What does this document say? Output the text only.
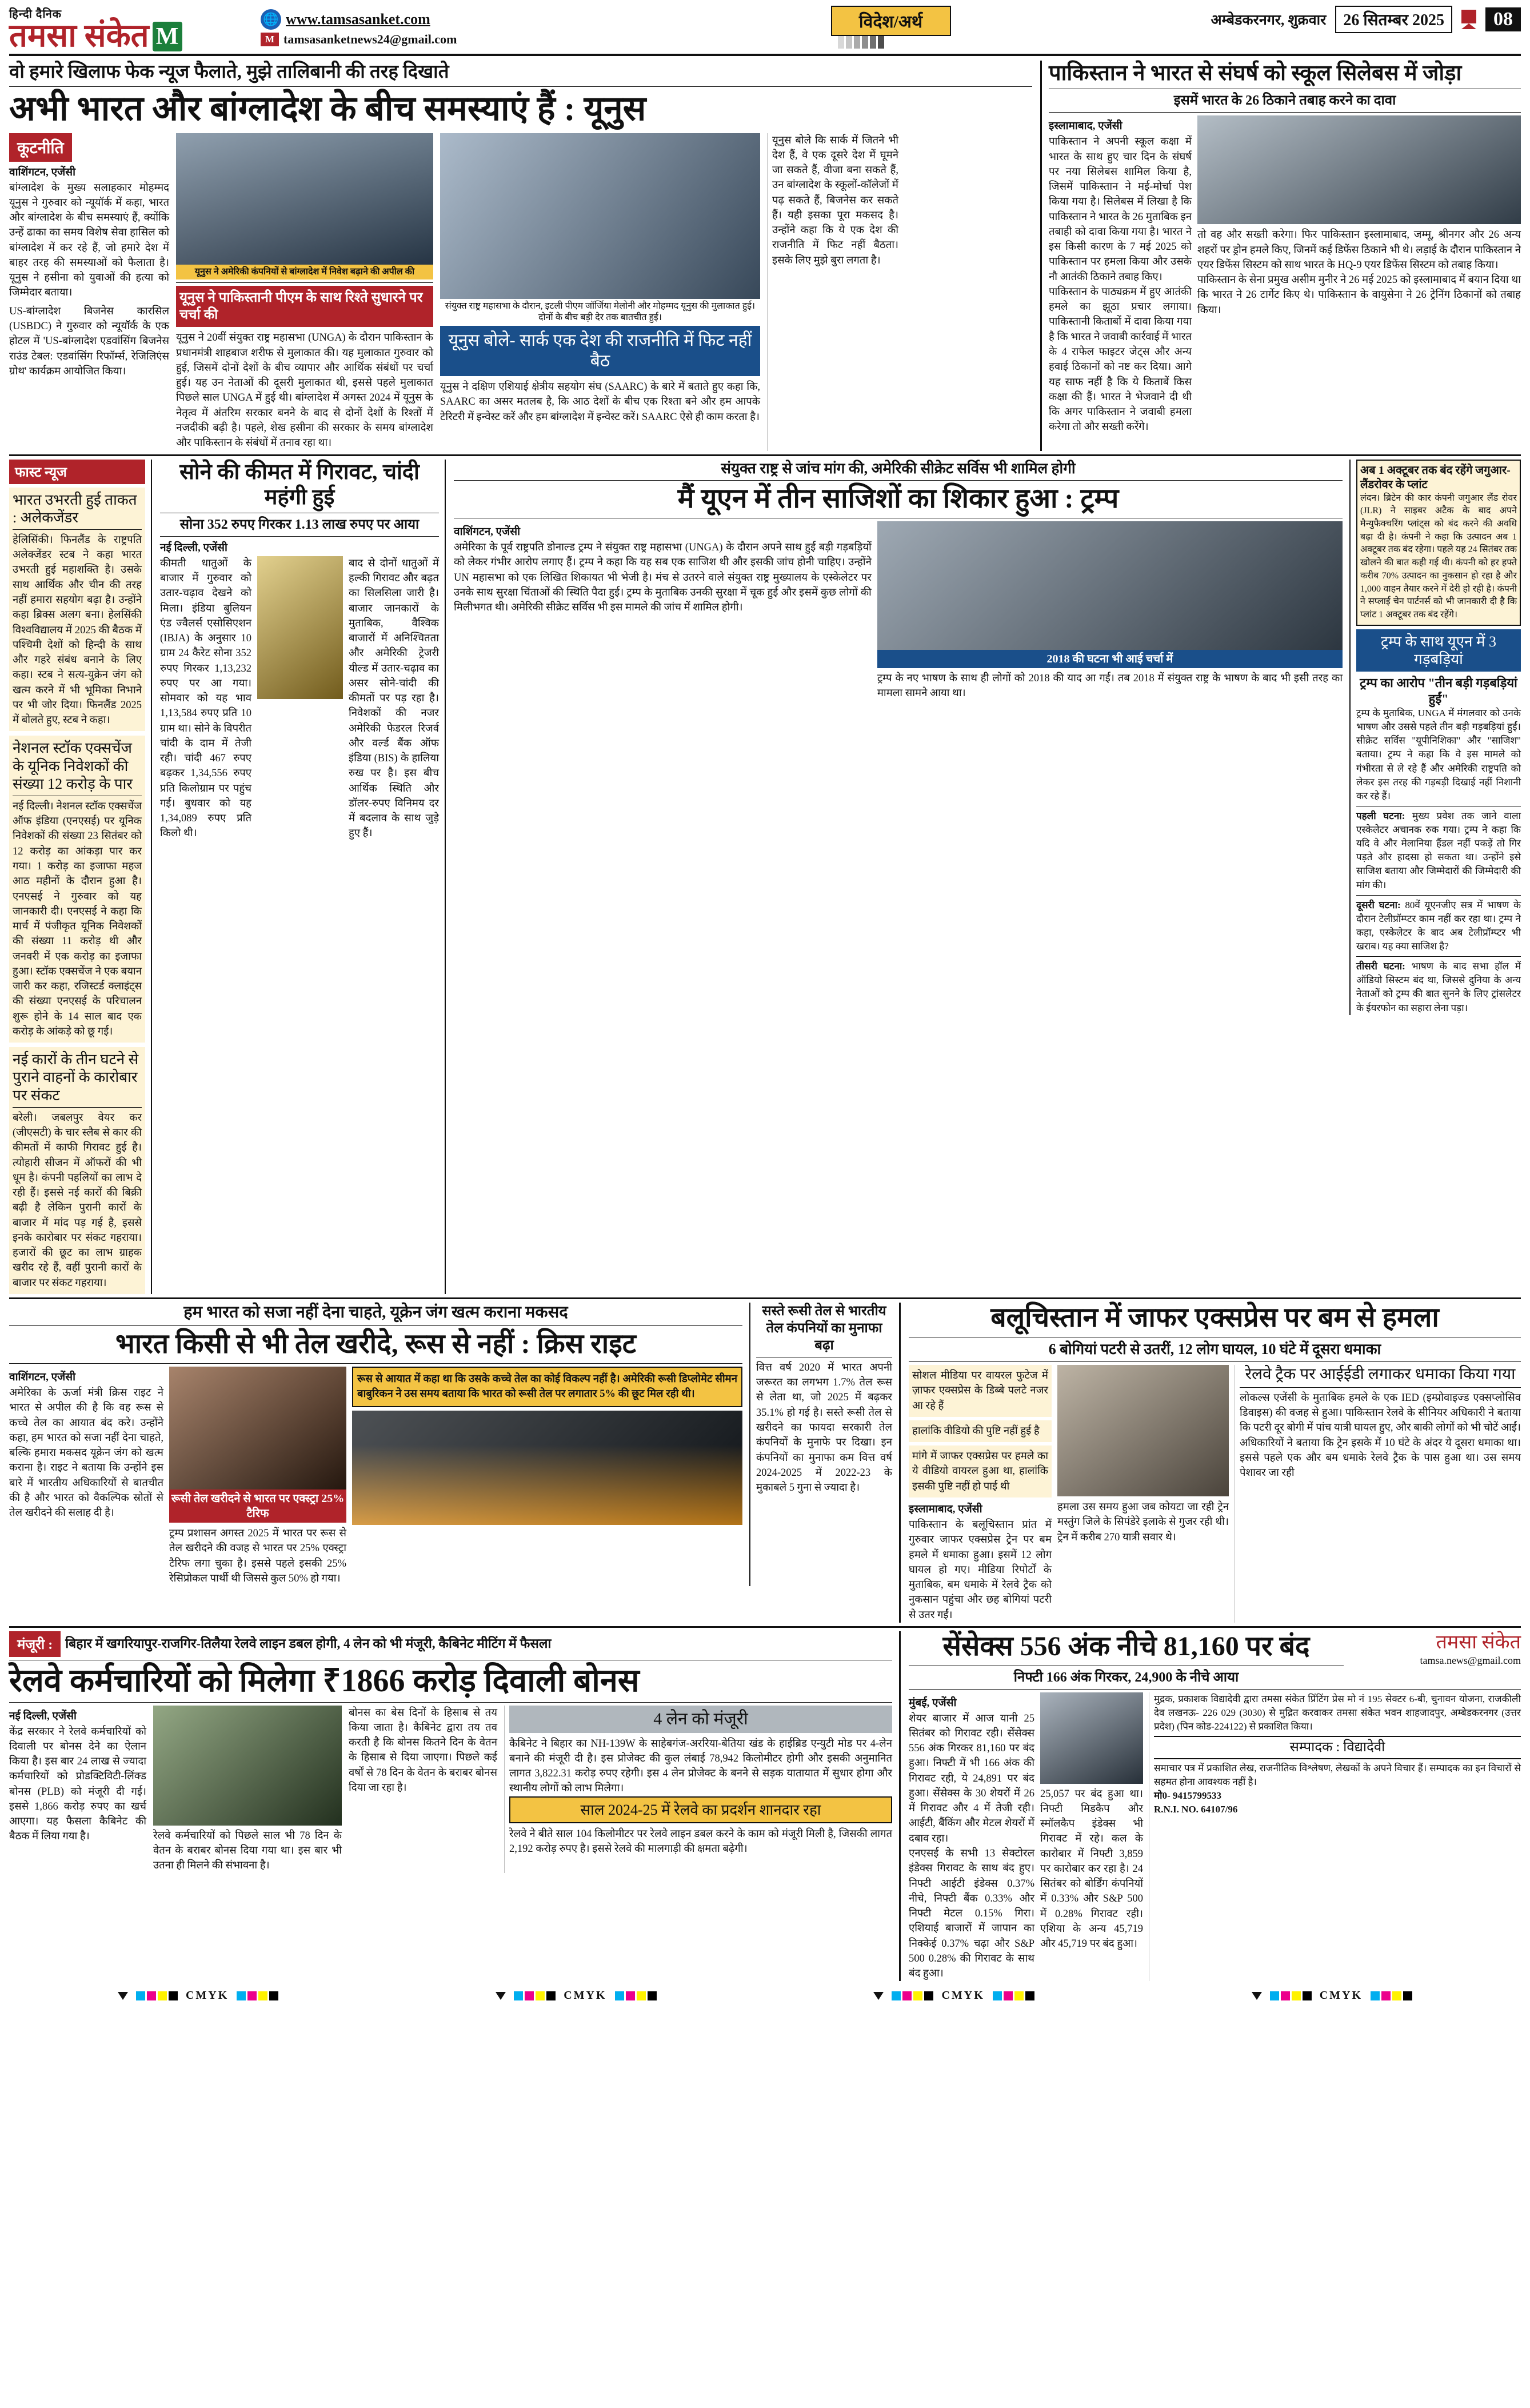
हिन्दी दैनिक
तमसा संकेत M
🌐 www.tamsasanket.com
M tamsasanketnews24@gmail.com
विदेश/अर्थ	अम्बेडकरनगर, शुक्रवार	26 सितम्बर 2025	08
वो हमारे खिलाफ फेक न्यूज फैलाते, मुझे तालिबानी की तरह दिखाते
अभी भारत और बांग्लादेश के बीच समस्याएं हैं : यूनुस
कूटनीति
वाशिंगटन, एजेंसी
बांग्लादेश के मुख्य सलाहकार मोहम्मद यूनुस ने गुरुवार को न्यूयॉर्क में कहा, भारत और बांग्लादेश के बीच समस्याएं हैं, क्योंकि उन्हें ढाका का समय विशेष सेवा हासिल को बांग्लादेश में कर रहे हैं, जो हमारे देश में बाहर तरह की समस्याओं को फैलाता है। यूनुस ने हसीना को युवाओं की हत्या को जिम्मेदार बताया।
US-बांग्लादेश बिजनेस कारसिल (USBDC) ने गुरुवार को न्यूयॉर्क के एक होटल में 'US-बांग्लादेश एडवांसिंग बिजनेस राउंड टेबल: एडवांसिंग रिफॉर्म्स, रेजिलिएंस ग्रोथ' कार्यक्रम आयोजित किया।
यूनुस ने अमेरिकी कंपनियों से बांग्लादेश में निवेश बढ़ाने की अपील की
यूनुस ने पाकिस्तानी पीएम के साथ रिश्ते सुधारने पर चर्चा की
यूनुस ने 20वीं संयुक्त राष्ट्र महासभा (UNGA) के दौरान पाकिस्तान के प्रधानमंत्री शाहबाज शरीफ से मुलाकात की। यह मुलाकात गुरुवार को हुई, जिसमें दोनों देशों के बीच व्यापार और आर्थिक संबंधों पर चर्चा हुई। यह उन नेताओं की दूसरी मुलाकात थी, इससे पहले मुलाकात पिछले साल UNGA में हुई थी। बांग्लादेश में अगस्त 2024 में यूनुस के नेतृत्व में अंतरिम सरकार बनने के बाद से दोनों देशों के रिश्तों में नजदीकी बढ़ी है। पहले, शेख हसीना की सरकार के समय बांग्लादेश और पाकिस्तान के संबंधों में तनाव रहा था।
संयुक्त राष्ट्र महासभा के दौरान, इटली पीएम जॉर्जिया मेलोनी और मोहम्मद यूनुस की मुलाकात हुई। दोनों के बीच बड़ी देर तक बातचीत हुई।
यूनुस बोले- सार्क एक देश की राजनीति में फिट नहीं बैठ
यूनुस ने दक्षिण एशियाई क्षेत्रीय सहयोग संघ (SAARC) के बारे में बताते हुए कहा कि, SAARC का असर मतलब है, कि आठ देशों के बीच एक रिश्ता बने और हम आपके टेरिटरी में इन्वेस्ट करें और हम बांग्लादेश में इन्वेस्ट करें। SAARC ऐसे ही काम करता है।
यूनुस बोले कि सार्क में जितने भी देश हैं, वे एक दूसरे देश में घूमने जा सकते हैं, वीजा बना सकते हैं, उन बांग्लादेश के स्कूलों-कॉलेजों में पढ़ सकते हैं, बिजनेस कर सकते हैं। यही इसका पूरा मकसद है। उन्होंने कहा कि ये एक देश की राजनीति में फिट नहीं बैठता। इसके लिए मुझे बुरा लगता है।
पाकिस्तान ने भारत से संघर्ष को स्कूल सिलेबस में जोड़ा
इसमें भारत के 26 ठिकाने तबाह करने का दावा
इस्लामाबाद, एजेंसी
पाकिस्तान ने अपनी स्कूल कक्षा में भारत के साथ हुए चार दिन के संघर्ष पर नया सिलेबस शामिल किया है, जिसमें पाकिस्तान ने मई-मोर्चा पेश किया गया है। सिलेबस में लिखा है कि पाकिस्तान ने भारत के 26 मुताबिक इन तबाही को दावा किया गया है। भारत ने इस किसी कारण के 7 मई 2025 को पाकिस्तान पर हमला किया और उसके नौ आतंकी ठिकाने तबाह किए।
पाकिस्तान के पाठ्यक्रम में हुए आतंकी हमले का झूठा प्रचार लगाया। पाकिस्तानी किताबों में दावा किया गया है कि भारत ने जवाबी कार्रवाई में भारत के 4 राफेल फाइटर जेट्स और अन्य हवाई ठिकानों को नष्ट कर दिया। आगे यह साफ नहीं है कि ये किताबें किस कक्षा की हैं। भारत ने भेजवाने दी थी कि अगर पाकिस्तान ने जवाबी हमला करेगा तो और सख्ती करेंगे।
तो वह और सख्ती करेगा। फिर पाकिस्तान इस्लामाबाद, जम्मू, श्रीनगर और 26 अन्य शहरों पर ड्रोन हमले किए, जिनमें कई डिफेंस ठिकाने भी थे। लड़ाई के दौरान पाकिस्तान ने एयर डिफेंस सिस्टम को साथ भारत के HQ-9 एयर डिफेंस सिस्टम को तबाह किया।
पाकिस्तान के सेना प्रमुख असीम मुनीर ने 26 मई 2025 को इस्लामाबाद में बयान दिया था कि भारत ने 26 टार्गेट किए थे। पाकिस्तान के वायुसेना ने 26 ट्रेनिंग ठिकानों को तबाह किया।
फास्ट न्यूज
भारत उभरती हुई ताकत : अलेकजेंडर
हेलिसिंकी। फिनलैंड के राष्ट्रपति अलेक्जेंडर स्टब ने कहा भारत उभरती हुई महाशक्ति है। उसके साथ आर्थिक और चीन की तरह नहीं हमारा सहयोग बढ़ा है। उन्होंने कहा ब्रिक्स अलग बना। हेलसिंकी विश्वविद्यालय में 2025 की बैठक में पश्चिमी देशों को हिन्दी के साथ और गहरे संबंध बनाने के लिए कहा। स्टब ने सत्य-युक्रेन जंग को खत्म करने में भी भूमिका निभाने पर भी जोर दिया। फिनलैंड 2025 में बोलते हुए, स्टब ने कहा।
नेशनल स्टॉक एक्सचेंज के यूनिक निवेशकों की संख्या 12 करोड़ के पार
नई दिल्ली। नेशनल स्टॉक एक्सचेंज ऑफ इंडिया (एनएसई) पर यूनिक निवेशकों की संख्या 23 सितंबर को 12 करोड़ का आंकड़ा पार कर गया। 1 करोड़ का इजाफा महज आठ महीनों के दौरान हुआ है। एनएसई ने गुरुवार को यह जानकारी दी। एनएसई ने कहा कि मार्च में पंजीकृत यूनिक निवेशकों की संख्या 11 करोड़ थी और जनवरी में एक करोड़ का इजाफा हुआ। स्टॉक एक्सचेंज ने एक बयान जारी कर कहा, रजिस्टर्ड क्लाइंट्स की संख्या एनएसई के परिचालन शुरू होने के 14 साल बाद एक करोड़ के आंकड़े को छू गई।
नई कारों के तीन घटने से पुराने वाहनों के कारोबार पर संकट
बरेली। जबलपुर वेयर कर (जीएसटी) के चार स्लैब से कार की कीमतों में काफी गिरावट हुई है। त्योहारी सीजन में ऑफरों की भी धूम है। कंपनी पहलियों का लाभ दे रही हैं। इससे नई कारों की बिक्री बढ़ी है लेकिन पुरानी कारों के बाजार में मांद पड़ गई है, इससे इनके कारोबार पर संकट गहराया। हजारों की छूट का लाभ ग्राहक खरीद रहे हैं, वहीं पुरानी कारों के बाजार पर संकट गहराया।
सोने की कीमत में गिरावट, चांदी महंगी हुई
सोना 352 रुपए गिरकर 1.13 लाख रुपए पर आया
नई दिल्ली, एजेंसी
कीमती धातुओं के बाजार में गुरुवार को उतार-चढ़ाव देखने को मिला। इंडिया बुलियन एंड ज्वैलर्स एसोसिएशन (IBJA) के अनुसार 10 ग्राम 24 कैरेट सोना 352 रुपए गिरकर 1,13,232 रुपए पर आ गया। सोमवार को यह भाव 1,13,584 रुपए प्रति 10 ग्राम था। सोने के विपरीत चांदी के दाम में तेजी रही। चांदी 467 रुपए बढ़कर 1,34,556 रुपए प्रति किलोग्राम पर पहुंच गई। बुधवार को यह 1,34,089 रुपए प्रति किलो थी।
बाद से दोनों धातुओं में हल्की गिरावट और बढ़त का सिलसिला जारी है। बाजार जानकारों के मुताबिक, वैश्विक बाजारों में अनिश्चितता और अमेरिकी ट्रेजरी यील्ड में उतार-चढ़ाव का असर सोने-चांदी की कीमतों पर पड़ रहा है। निवेशकों की नजर अमेरिकी फेडरल रिजर्व और वर्ल्ड बैंक ऑफ इंडिया (BIS) के हालिया रुख पर है। इस बीच आर्थिक स्थिति और डॉलर-रुपए विनिमय दर में बदलाव के साथ जुड़े हुए हैं।
संयुक्त राष्ट्र से जांच मांग की, अमेरिकी सीक्रेट सर्विस भी शामिल होगी
मैं यूएन में तीन साजिशों का शिकार हुआ : ट्रम्प
वाशिंगटन, एजेंसी
अमेरिका के पूर्व राष्ट्रपति डोनाल्ड ट्रम्प ने संयुक्त राष्ट्र महासभा (UNGA) के दौरान अपने साथ हुई बड़ी गड़बड़ियों को लेकर गंभीर आरोप लगाए हैं। ट्रम्प ने कहा कि यह सब एक साजिश थी और इसकी जांच होनी चाहिए। उन्होंने UN महासभा को एक लिखित शिकायत भी भेजी है। मंच से उतरने वाले संयुक्त राष्ट्र मुख्यालय के एस्केलेटर पर उनके साथ सुरक्षा चिंताओं की स्थिति पैदा हुई। ट्रम्प के मुताबिक उनकी सुरक्षा में चूक हुई और इसमें कुछ लोगों की मिलीभगत थी। अमेरिकी सीक्रेट सर्विस भी इस मामले की जांच में शामिल होगी।
2018 की घटना भी आई चर्चा में
ट्रम्प के नए भाषण के साथ ही लोगों को 2018 की याद आ गई। तब 2018 में संयुक्त राष्ट्र के भाषण के बाद भी इसी तरह का मामला सामने आया था।
अब 1 अक्टूबर तक बंद रहेंगे जगुआर-लैंडरोवर के प्लांट
लंदन। ब्रिटेन की कार कंपनी जगुआर लैंड रोवर (JLR) ने साइबर अटैक के बाद अपने मैन्युफैक्चरिंग प्लांट्स को बंद करने की अवधि बढ़ा दी है। कंपनी ने कहा कि उत्पादन अब 1 अक्टूबर तक बंद रहेगा। पहले यह 24 सितंबर तक खोलने की बात कही गई थी। कंपनी को हर हफ्ते करीब 70% उत्पादन का नुकसान हो रहा है और 1,000 वाहन तैयार करने में देरी हो रही है। कंपनी ने सप्लाई चेन पार्टनर्स को भी जानकारी दी है कि प्लांट 1 अक्टूबर तक बंद रहेंगे।
ट्रम्प के साथ यूएन में 3 गड़बड़ियां
ट्रम्प का आरोप "तीन बड़ी गड़बड़ियां हुईं"
ट्रम्प के मुताबिक, UNGA में मंगलवार को उनके भाषण और उससे पहले तीन बड़ी गड़बड़ियां हुईं। सीक्रेट सर्विस "यूपीनिशिका" और "साजिश" बताया। ट्रम्प ने कहा कि वे इस मामले को गंभीरता से ले रहे हैं और अमेरिकी राष्ट्रपति को लेकर इस तरह की गड़बड़ी दिखाई नहीं निशानी कर रहे हैं।
पहली घटना: मुख्य प्रवेश तक जाने वाला एस्केलेटर अचानक रुक गया। ट्रम्प ने कहा कि यदि वे और मेलानिया हैंडल नहीं पकड़ें तो गिर पड़ते और हादसा हो सकता था। उन्होंने इसे साजिश बताया और जिम्मेदारों की जिम्मेदारी की मांग की।
दूसरी घटना: 80वें यूएनजीए सत्र में भाषण के दौरान टेलीप्रॉम्प्टर काम नहीं कर रहा था। ट्रम्प ने कहा, एस्केलेटर के बाद अब टेलीप्रॉम्प्टर भी खराब। यह क्या साजिश है?
तीसरी घटना: भाषण के बाद सभा हॉल में ऑडियो सिस्टम बंद था, जिससे दुनिया के अन्य नेताओं को ट्रम्प की बात सुनने के लिए ट्रांसलेटर के ईयरफोन का सहारा लेना पड़ा।
हम भारत को सजा नहीं देना चाहते, यूक्रेन जंग खत्म कराना मकसद
भारत किसी से भी तेल खरीदे, रूस से नहीं : क्रिस राइट
वाशिंगटन, एजेंसी
अमेरिका के ऊर्जा मंत्री क्रिस राइट ने भारत से अपील की है कि वह रूस से कच्चे तेल का आयात बंद करे। उन्होंने कहा, हम भारत को सजा नहीं देना चाहते, बल्कि हमारा मकसद यूक्रेन जंग को खत्म कराना है। राइट ने बताया कि उन्होंने इस बारे में भारतीय अधिकारियों से बातचीत की है और भारत को वैकल्पिक स्रोतों से तेल खरीदने की सलाह दी है।
रूसी तेल खरीदने से भारत पर एक्स्ट्रा 25% टैरिफ
ट्रम्प प्रशासन अगस्त 2025 में भारत पर रूस से तेल खरीदने की वजह से भारत पर 25% एक्स्ट्रा टैरिफ लगा चुका है। इससे पहले इसकी 25% रेसिप्रोकल पार्थी थी जिससे कुल 50% हो गया।
रूस से आयात में कहा था कि उसके कच्चे तेल का कोई विकल्प नहीं है। अमेरिकी रूसी डिप्लोमेट सीमन बाबुरिकन ने उस समय बताया कि भारत को रूसी तेल पर लगातार 5% की छूट मिल रही थी।
सस्ते रूसी तेल से भारतीय तेल कंपनियों का मुनाफा बढ़ा
वित्त वर्ष 2020 में भारत अपनी जरूरत का लगभग 1.7% तेल रूस से लेता था, जो 2025 में बढ़कर 35.1% हो गई है। सस्ते रूसी तेल से खरीदने का फायदा सरकारी तेल कंपनियों के मुनाफे पर दिखा। इन कंपनियों का मुनाफा कम वित्त वर्ष 2024-2025 में 2022-23 के मुकाबले 5 गुना से ज्यादा है।
बलूचिस्तान में जाफर एक्सप्रेस पर बम से हमला
6 बोगियां पटरी से उतरीं, 12 लोग घायल, 10 घंटे में दूसरा धमाका
सोशल मीडिया पर वायरल फुटेज में ज़ाफर एक्सप्रेस के डिब्बे पलटे नजर आ रहे हैं
हालांकि वीडियो की पुष्टि नहीं हुई है
मांगे में जाफर एक्सप्रेस पर हमले का ये वीडियो वायरल हुआ था, हालांकि इसकी पुष्टि नहीं हो पाई थी
इस्लामाबाद, एजेंसी
पाकिस्तान के बलूचिस्तान प्रांत में गुरुवार जाफर एक्सप्रेस ट्रेन पर बम हमले में धमाका हुआ। इसमें 12 लोग घायल हो गए। मीडिया रिपोर्टों के मुताबिक, बम धमाके में रेलवे ट्रैक को नुकसान पहुंचा और छह बोगियां पटरी से उतर गईं।
हमला उस समय हुआ जब कोयटा जा रही ट्रेन मस्तुंग जिले के सिपंडेरे इलाके से गुजर रही थी। ट्रेन में करीब 270 यात्री सवार थे।
रेलवे ट्रैक पर आईईडी लगाकर धमाका किया गया
लोकल्स एजेंसी के मुताबिक हमले के एक IED (इम्प्रोवाइज्ड एक्सप्लोसिव डिवाइस) की वजह से हुआ। पाकिस्तान रेलवे के सीनियर अधिकारी ने बताया कि पटरी दूर बोगी में पांच यात्री घायल हुए, और बाकी लोगों को भी चोटें आईं। अधिकारियों ने बताया कि ट्रेन इसके में 10 घंटे के अंदर ये दूसरा धमाका था। इससे पहले एक और बम धमाके रेलवे ट्रैक के पास हुआ था। उस समय पेशावर जा रही
मंजूरी : बिहार में खगरियापुर-राजगिर-तिलैया रेलवे लाइन डबल होगी, 4 लेन को भी मंजूरी, कैबिनेट मीटिंग में फैसला
रेलवे कर्मचारियों को मिलेगा ₹1866 करोड़ दिवाली बोनस
नई दिल्ली, एजेंसी
केंद्र सरकार ने रेलवे कर्मचारियों को दिवाली पर बोनस देने का ऐलान किया है। इस बार 24 लाख से ज्यादा कर्मचारियों को प्रोडक्टिविटी-लिंक्ड बोनस (PLB) को मंजूरी दी गई। इससे 1,866 करोड़ रुपए का खर्च आएगा। यह फैसला कैबिनेट की बैठक में लिया गया है।	रेलवे कर्मचारियों को पिछले साल भी 78 दिन के वेतन के बराबर बोनस दिया गया था। इस बार भी उतना ही मिलने की संभावना है।
बोनस का बेस दिनों के हिसाब से तय किया जाता है। कैबिनेट द्वारा तय तव करती है कि बोनस कितने दिन के वेतन के हिसाब से दिया जाएगा। पिछले कई वर्षों से 78 दिन के वेतन के बराबर बोनस दिया जा रहा है।
4 लेन को मंजूरी
कैबिनेट ने बिहार का NH-139W के साहेबगंज-अररिया-बेतिया खंड के हाईब्रिड एन्युटी मोड पर 4-लेन बनाने की मंजूरी दी है। इस प्रोजेक्ट की कुल लंबाई 78,942 किलोमीटर होगी और इसकी अनुमानित लागत 3,822.31 करोड़ रुपए रहेगी। इस 4 लेन प्रोजेक्ट के बनने से सड़क यातायात में सुधार होगा और स्थानीय लोगों को लाभ मिलेगा।
साल 2024-25 में रेलवे का प्रदर्शन शानदार रहा
रेलवे ने बीते साल 104 किलोमीटर पर रेलवे लाइन डबल करने के काम को मंजूरी मिली है, जिसकी लागत 2,192 करोड़ रुपए है। इससे रेलवे की मालगाड़ी की क्षमता बढ़ेगी।
सेंसेक्स 556 अंक नीचे 81,160 पर बंद
निफ्टी 166 अंक गिरकर, 24,900 के नीचे आया
तमसा संकेत
tamsa.news@gmail.com
मुंबई, एजेंसी
शेयर बाजार में आज यानी 25 सितंबर को गिरावट रही। सेंसेक्स 556 अंक गिरकर 81,160 पर बंद हुआ। निफ्टी में भी 166 अंक की गिरावट रही, ये 24,891 पर बंद हुआ। सेंसेक्स के 30 शेयरों में 26 में गिरावट और 4 में तेजी रही। आईटी, बैंकिंग और मेटल शेयरों में दबाव रहा।
एनएसई के सभी 13 सेक्टोरल इंडेक्स गिरावट के साथ बंद हुए। निफ्टी आईटी इंडेक्स 0.37% नीचे, निफ्टी बैंक 0.33% और निफ्टी मेटल 0.15% गिरा। एशियाई बाजारों में जापान का निक्केई 0.37% चढ़ा और S&P 500 0.28% की गिरावट के साथ बंद हुआ।
25,057 पर बंद हुआ था। निफ्टी मिडकैप और स्मॉलकैप इंडेक्स भी गिरावट में रहे। कल के कारोबार में निफ्टी 3,859 पर कारोबार कर रहा है। 24 सितंबर को बोर्डिंग कंपनियों में 0.33% और S&P 500 में 0.28% गिरावट रही। एशिया के अन्य 45,719 और 45,719 पर बंद हुआ।
मुद्रक, प्रकाशक विद्यादेवी द्वारा तमसा संकेत प्रिंटिंग प्रेस मो नं 195 सेक्टर 6-बी, चुनावन योजना, राजकीली देव लखनऊ- 226 029 (3030) से मुद्रित करवाकर तमसा संकेत भवन शाहजादपुर, अम्बेडकरनगर (उत्तर प्रदेश) (पिन कोड-224122) से प्रकाशित किया।
सम्पादक : विद्यादेवी
समाचार पत्र में प्रकाशित लेख, राजनीतिक विश्लेषण, लेखकों के अपने विचार हैं। सम्पादक का इन विचारों से सहमत होना आवश्यक नहीं है।
मो0- 9415799533
R.N.I. NO. 64107/96
CMYK	CMYK	CMYK	CMYK
